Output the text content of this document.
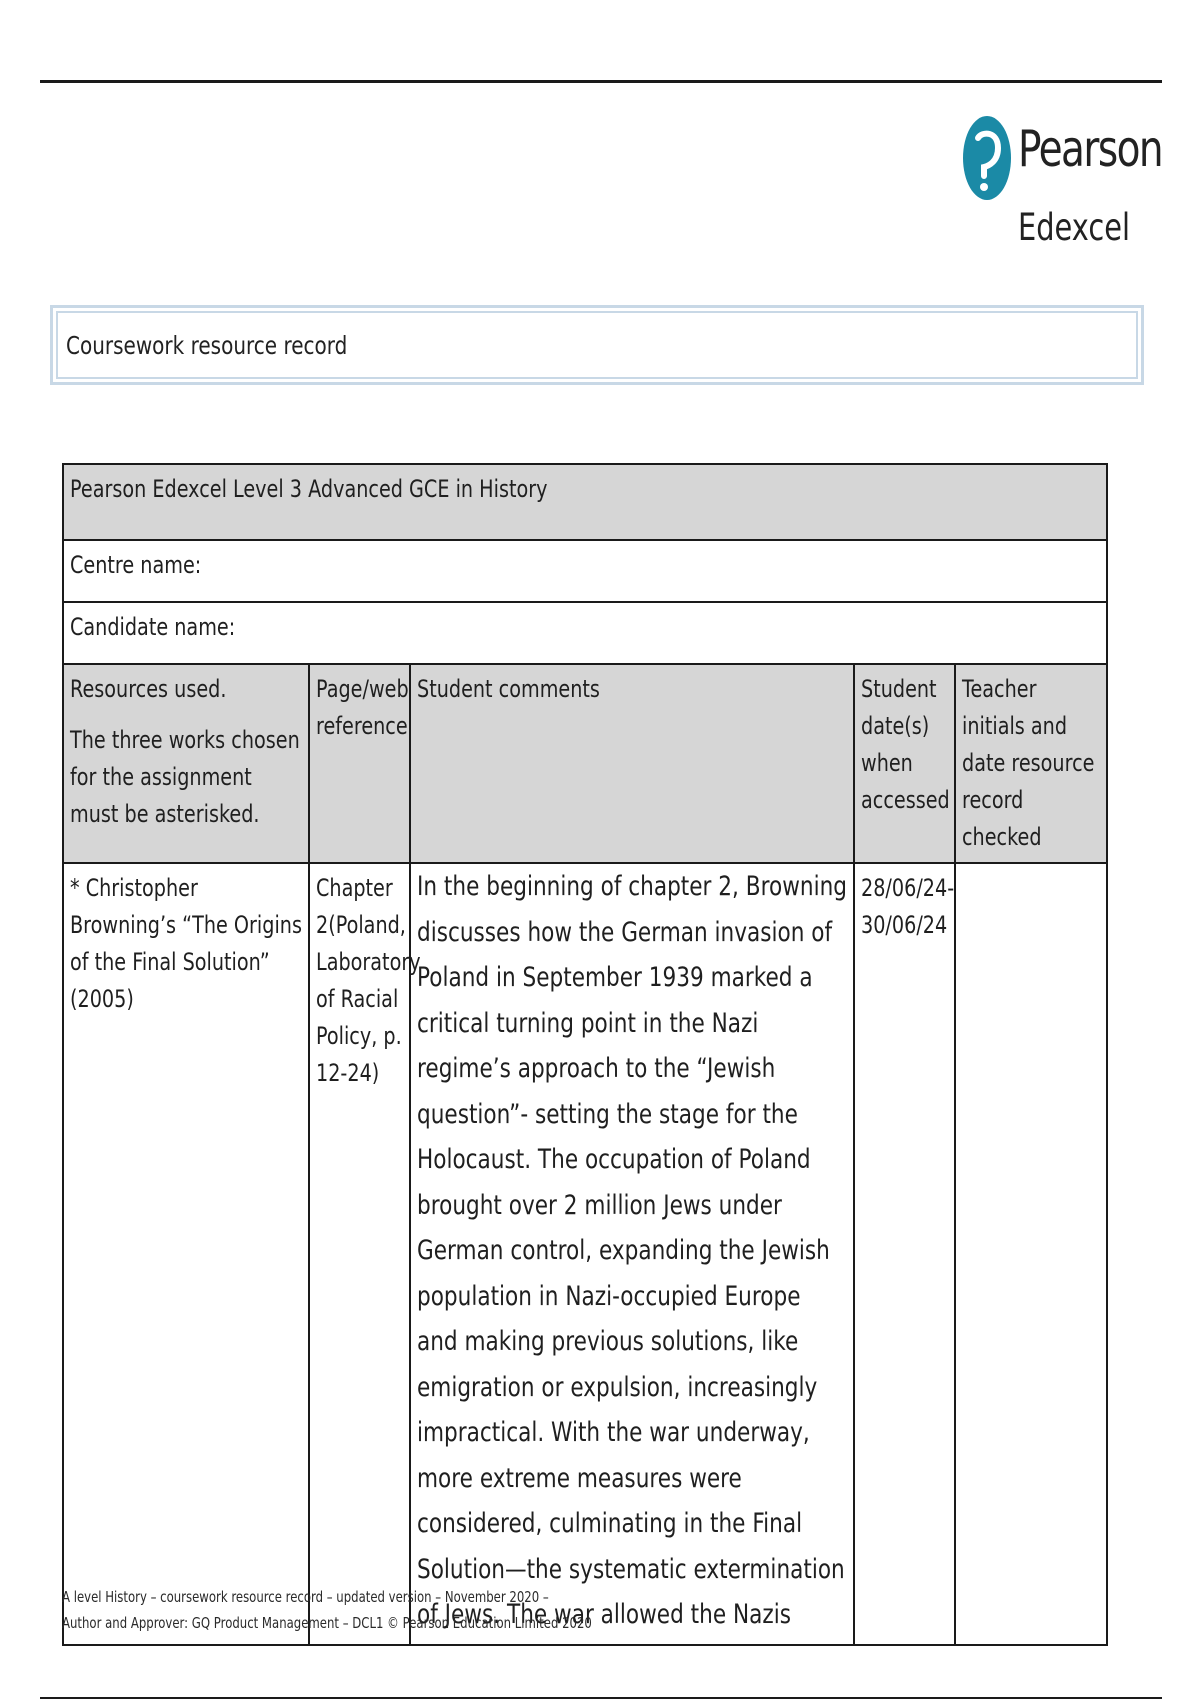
Pearson
Edexcel
Coursework resource record
Pearson Edexcel Level 3 Advanced GCE in History				

Centre name:				

Candidate name:				

Resources used.
The three works chosen for the assignment must be asterisked.	Page/web reference	Student comments	Student date(s) when accessed	Teacher initials and date resource record checked

* Christopher Browning’s “The Origins of the Final Solution” (2005)	Chapter 2(Poland, Laboratory of Racial Policy, p. 12-24)	In the beginning of chapter 2, Browning discusses how the German invasion of Poland in September 1939 marked a critical turning point in the Nazi regime’s approach to the “Jewish question”- setting the stage for the Holocaust. The occupation of Poland brought over 2 million Jews under German control, expanding the Jewish population in Nazi-occupied Europe and making previous solutions, like emigration or expulsion, increasingly impractical. With the war underway, more extreme measures were considered, culminating in the Final Solution—the systematic extermination of Jews. The war allowed the Nazis	28/06/24-30/06/24	

A level History – coursework resource record – updated version – November 2020 –
Author and Approver: GQ Product Management – DCL1 © Pearson Education Limited 2020
